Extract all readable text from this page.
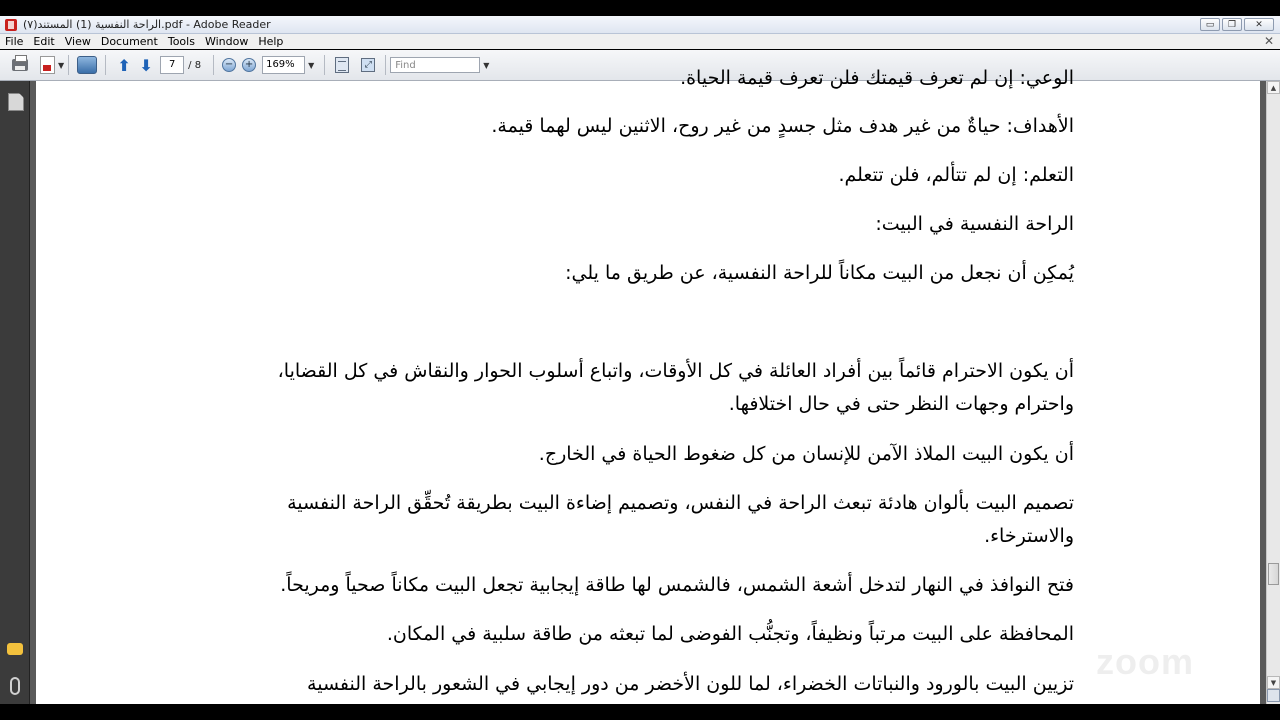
(۷)الراحة النفسية (1) المستند.pdf - Adobe Reader	▭	❐	✕
File Edit View Document Tools Window Help	✕
▼	⬆ ⬇	7	/ 8 − +	169%	▼	⤢	Find	▼
الوعي: إن لم تعرف قيمتك فلن تعرف قيمة الحياة.
الأهداف: حياةٌ من غير هدف مثل جسدٍ من غير روح، الاثنين ليس لهما قيمة.
التعلم: إن لم تتألم، فلن تتعلم.
الراحة النفسية في البيت:
يُمكِن أن نجعل من البيت مكاناً للراحة النفسية، عن طريق ما يلي:
أن يكون الاحترام قائماً بين أفراد العائلة في كل الأوقات، واتباع أسلوب الحوار والنقاش في كل القضايا،
واحترام وجهات النظر حتى في حال اختلافها.
أن يكون البيت الملاذ الآمن للإنسان من كل ضغوط الحياة في الخارج.
تصميم البيت بألوان هادئة تبعث الراحة في النفس، وتصميم إضاءة البيت بطريقة تُحقِّق الراحة النفسية
والاسترخاء.
فتح النوافذ في النهار لتدخل أشعة الشمس، فالشمس لها طاقة إيجابية تجعل البيت مكاناً صحياً ومريحاً.
المحافظة على البيت مرتباً ونظيفاً، وتجنُّب الفوضى لما تبعثه من طاقة سلبية في المكان.
تزيين البيت بالورود والنباتات الخضراء، لما للون الأخضر من دور إيجابي في الشعور بالراحة النفسية
zoom
▲
▼
